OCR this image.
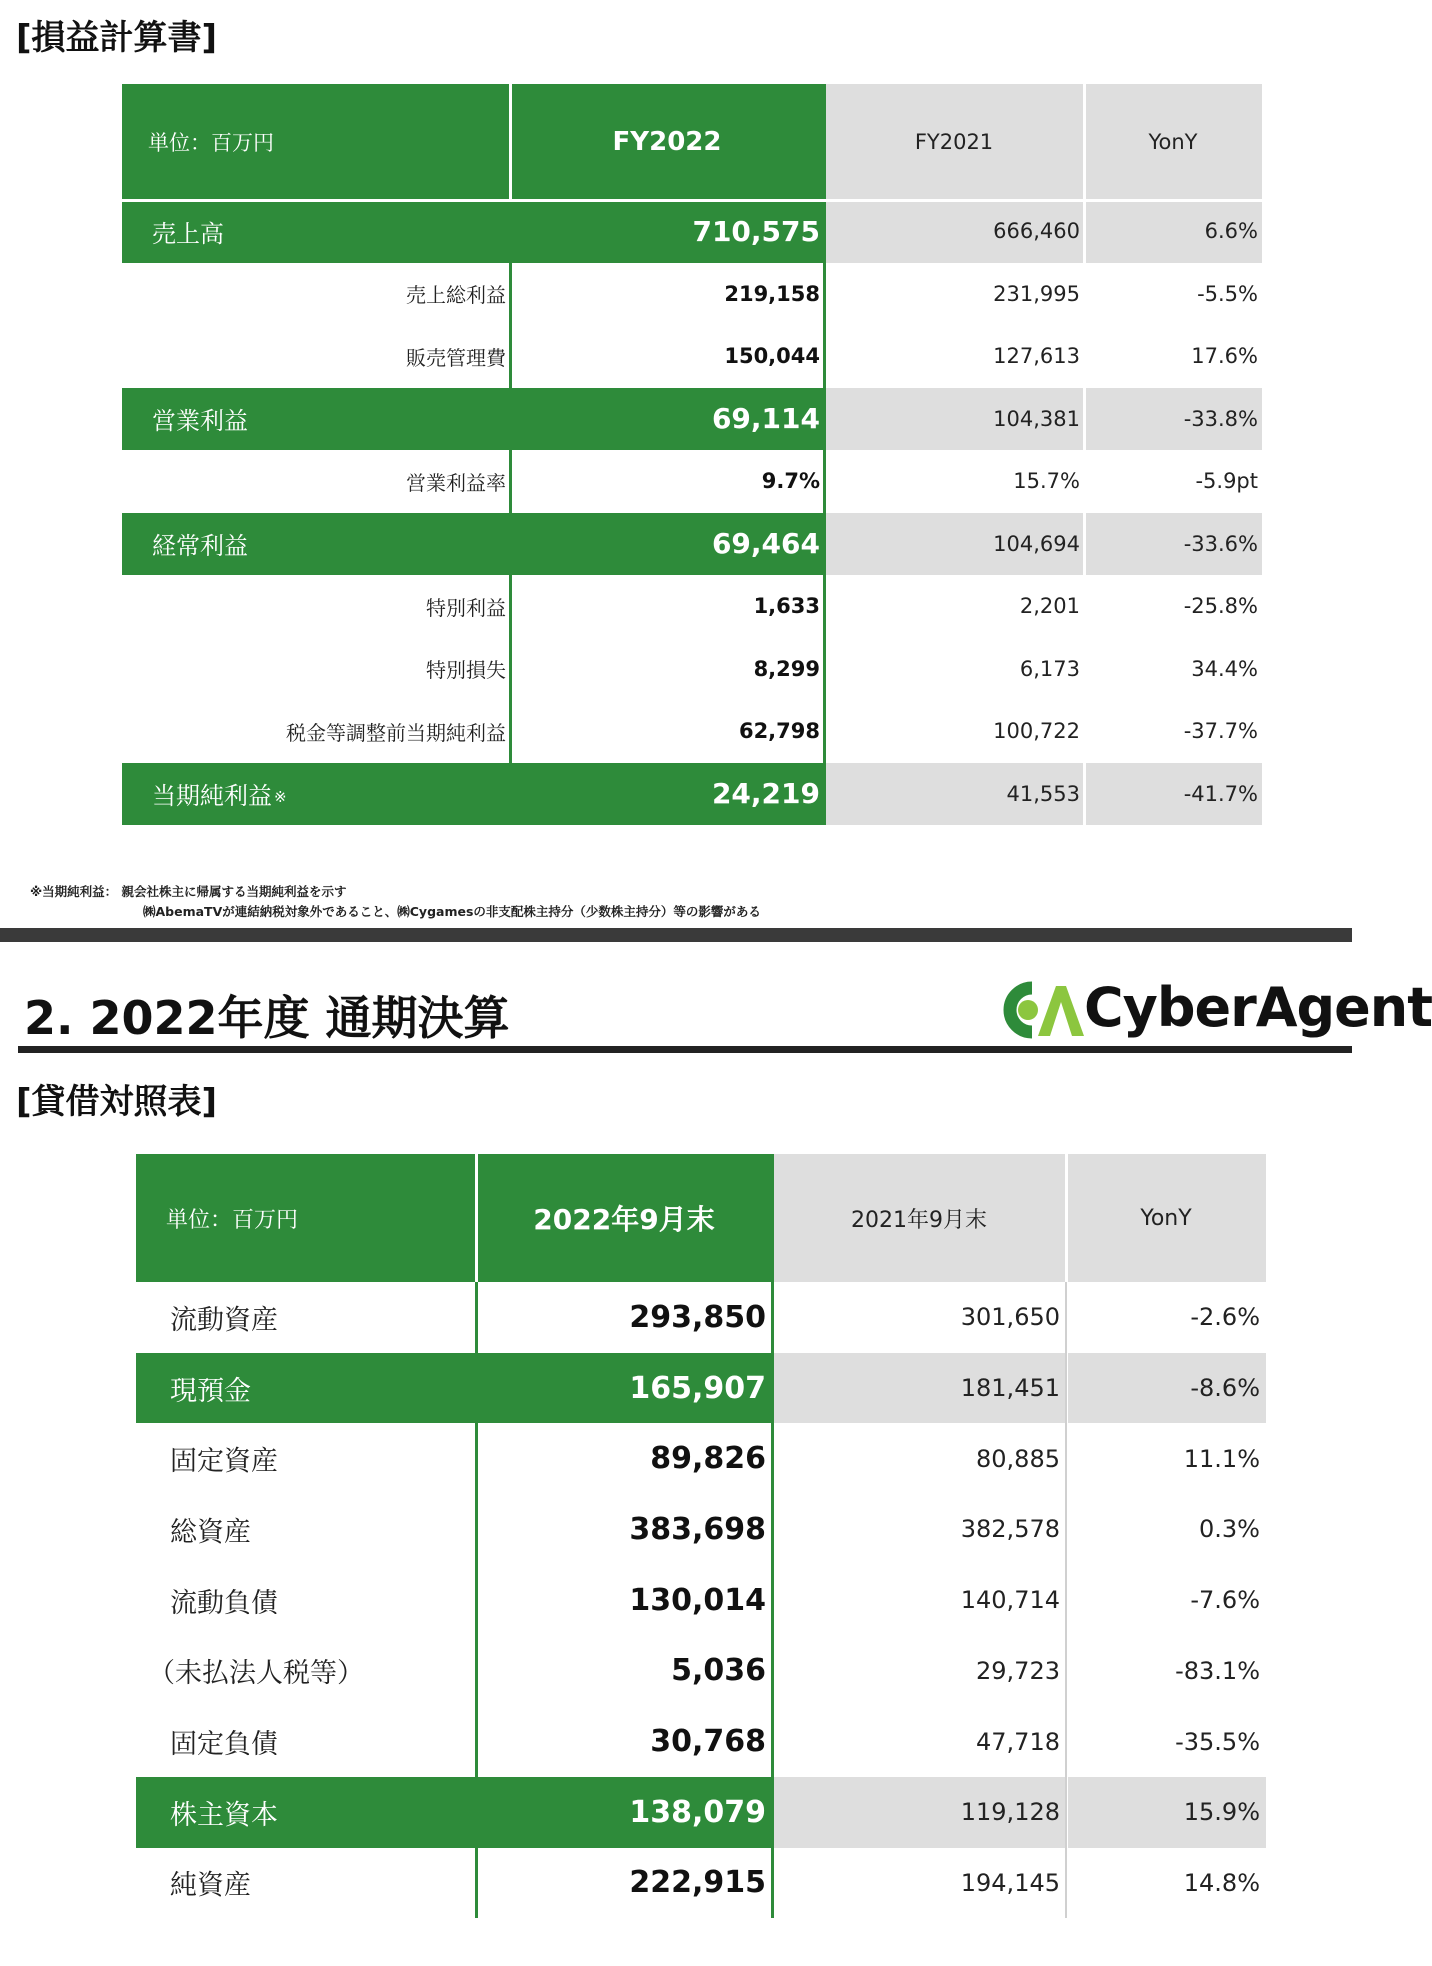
[損益計算書]
単位：百万円	FY2022	FY2021	YonY
売上高	710,575	666,460	6.6%
売上総利益	219,158	231,995	-5.5%
販売管理費	150,044	127,613	17.6%
営業利益	69,114	104,381	-33.8%
営業利益率	9.7%	15.7%	-5.9pt
経常利益	69,464	104,694	-33.6%
特別利益	1,633	2,201	-25.8%
特別損失	8,299	6,173	34.4%
税金等調整前当期純利益	62,798	100,722	-37.7%
当期純利益 ※	24,219	41,553	-41.7%
※当期純利益： 親会社株主に帰属する当期純利益を示す
㈱AbemaTVが連結納税対象外であること、㈱Cygamesの非支配株主持分（少数株主持分）等の影響がある
2. 2022年度 通期決算	CyberAgent
[貸借対照表]
単位：百万円	2022年9月末	2021年9月末	YonY
流動資産	293,850	301,650	-2.6%
現預金	165,907	181,451	-8.6%
固定資産	89,826	80,885	11.1%
総資産	383,698	382,578	0.3%
流動負債	130,014	140,714	-7.6%
（未払法人税等）	5,036	29,723	-83.1%
固定負債	30,768	47,718	-35.5%
株主資本	138,079	119,128	15.9%
純資産	222,915	194,145	14.8%
